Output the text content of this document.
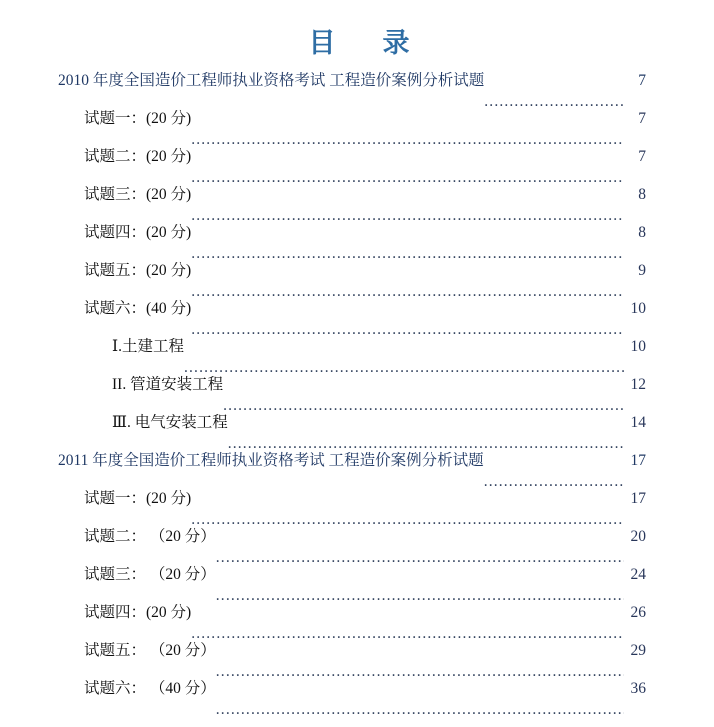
目　录
2010 年度全国造价工程师执业资格考试 工程造价案例分析试题
.....	7
试题一：(20 分)
.....	7
试题二：(20 分)
.....	7
试题三：(20 分)
.....	8
试题四：(20 分)
.....	8
试题五：(20 分)
.....	9
试题六：(40 分)
.....	10
Ⅰ.土建工程
.....	10
II. 管道安装工程
.....	12
Ⅲ. 电气安装工程
.....	14
2011 年度全国造价工程师执业资格考试 工程造价案例分析试题
.....	17
试题一：(20 分)
.....	17
试题二： （20 分）
.....	20
试题三： （20 分）
.....	24
试题四：(20 分)
.....	26
试题五： （20 分）
.....	29
试题六： （40 分）
.....	36
